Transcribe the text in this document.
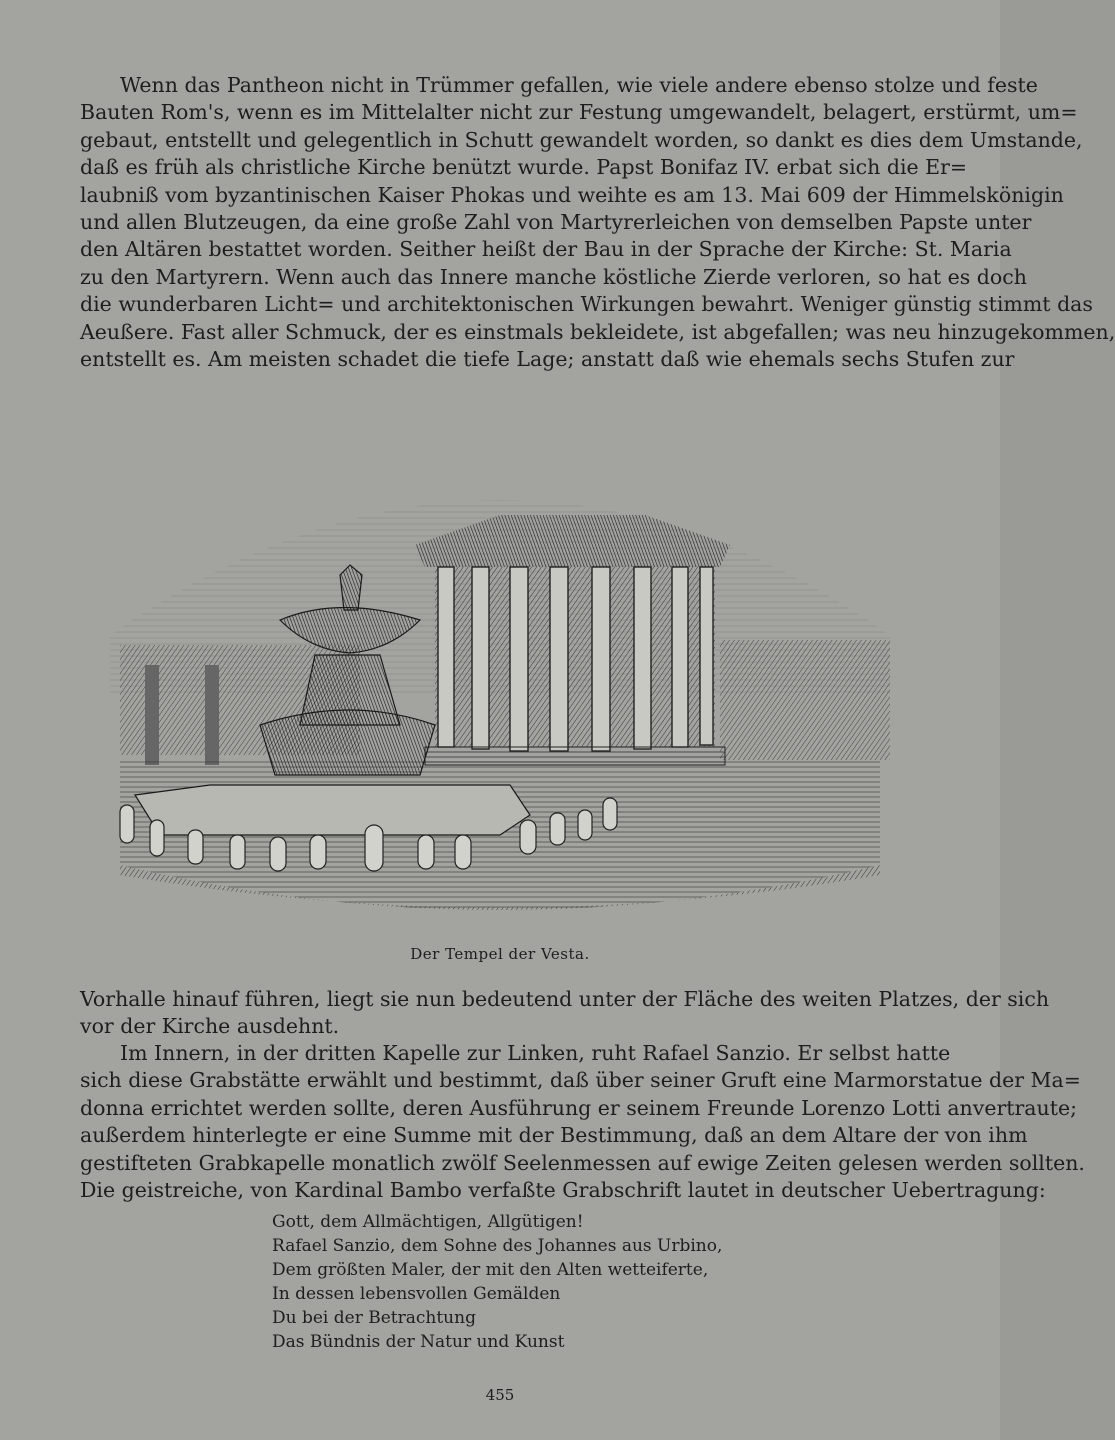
Wenn das Pantheon nicht in Trümmer gefallen, wie viele andere ebenso stolze und feste
Bauten Rom's, wenn es im Mittelalter nicht zur Festung umgewandelt, belagert, erstürmt, um=
gebaut, entstellt und gelegentlich in Schutt gewandelt worden, so dankt es dies dem Umstande,
daß es früh als christliche Kirche benützt wurde. Papst Bonifaz IV. erbat sich die Er=
laubniß vom byzantinischen Kaiser Phokas und weihte es am 13. Mai 609 der Himmelskönigin
und allen Blutzeugen, da eine große Zahl von Martyrerleichen von demselben Papste unter
den Altären bestattet worden. Seither heißt der Bau in der Sprache der Kirche: St. Maria
zu den Martyrern. Wenn auch das Innere manche köstliche Zierde verloren, so hat es doch
die wunderbaren Licht= und architektonischen Wirkungen bewahrt. Weniger günstig stimmt das
Aeußere. Fast aller Schmuck, der es einstmals bekleidete, ist abgefallen; was neu hinzugekommen,
entstellt es. Am meisten schadet die tiefe Lage; anstatt daß wie ehemals sechs Stufen zur
Der Tempel der Vesta.
Vorhalle hinauf führen, liegt sie nun bedeutend unter der Fläche des weiten Platzes, der sich
vor der Kirche ausdehnt.
Im Innern, in der dritten Kapelle zur Linken, ruht Rafael Sanzio. Er selbst hatte
sich diese Grabstätte erwählt und bestimmt, daß über seiner Gruft eine Marmorstatue der Ma=
donna errichtet werden sollte, deren Ausführung er seinem Freunde Lorenzo Lotti anvertraute;
außerdem hinterlegte er eine Summe mit der Bestimmung, daß an dem Altare der von ihm
gestifteten Grabkapelle monatlich zwölf Seelenmessen auf ewige Zeiten gelesen werden sollten.
Die geistreiche, von Kardinal Bambo verfaßte Grabschrift lautet in deutscher Uebertragung:
Gott, dem Allmächtigen, Allgütigen!
Rafael Sanzio, dem Sohne des Johannes aus Urbino,
Dem größten Maler, der mit den Alten wetteiferte,
In dessen lebensvollen Gemälden
Du bei der Betrachtung
Das Bündnis der Natur und Kunst
455
